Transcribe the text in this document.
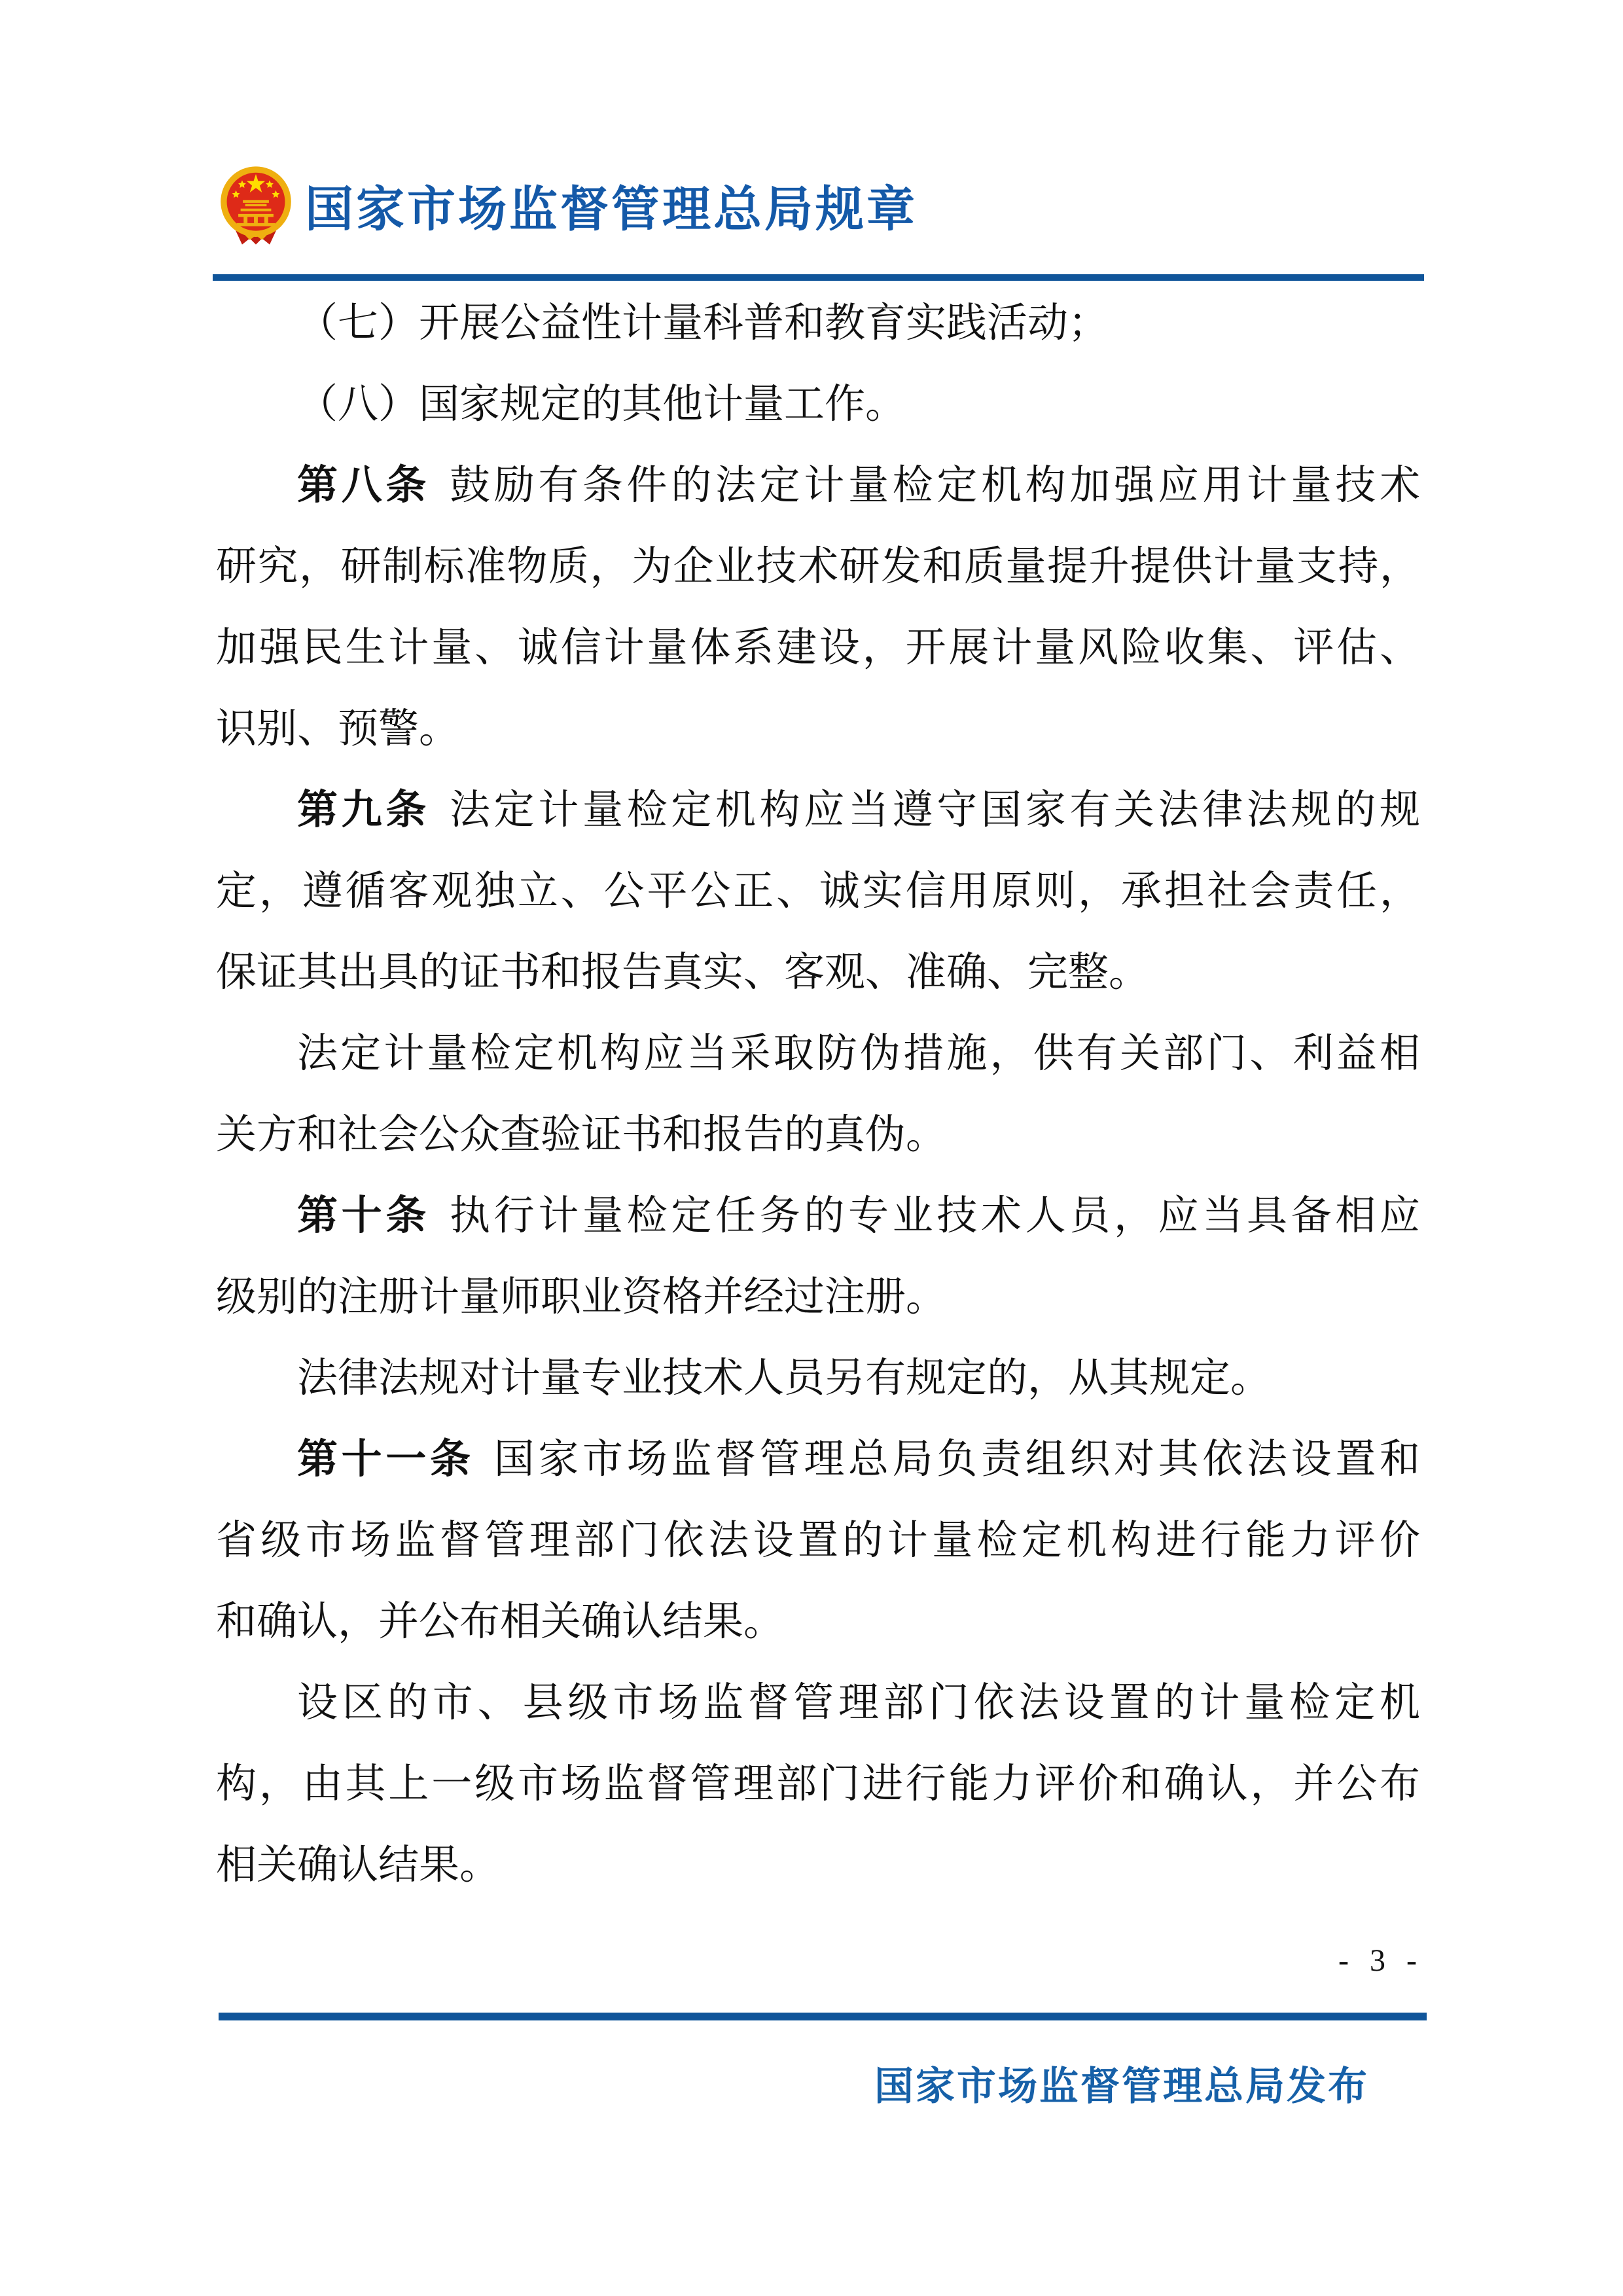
国家市场监督管理总局规章
（七）开展公益性计量科普和教育实践活动；
（八）国家规定的其他计量工作。
第八条 鼓励有条件的法定计量检定机构加强应用计量技术
研究，研制标准物质，为企业技术研发和质量提升提供计量支持，
加强民生计量、诚信计量体系建设，开展计量风险收集、评估、
识别、预警。
第九条 法定计量检定机构应当遵守国家有关法律法规的规
定，遵循客观独立、公平公正、诚实信用原则，承担社会责任，
保证其出具的证书和报告真实、客观、准确、完整。
法定计量检定机构应当采取防伪措施，供有关部门、利益相
关方和社会公众查验证书和报告的真伪。
第十条 执行计量检定任务的专业技术人员，应当具备相应
级别的注册计量师职业资格并经过注册。
法律法规对计量专业技术人员另有规定的，从其规定。
第十一条 国家市场监督管理总局负责组织对其依法设置和
省级市场监督管理部门依法设置的计量检定机构进行能力评价
和确认，并公布相关确认结果。
设区的市、县级市场监督管理部门依法设置的计量检定机
构，由其上一级市场监督管理部门进行能力评价和确认，并公布
相关确认结果。
- 3 -
国家市场监督管理总局发布
